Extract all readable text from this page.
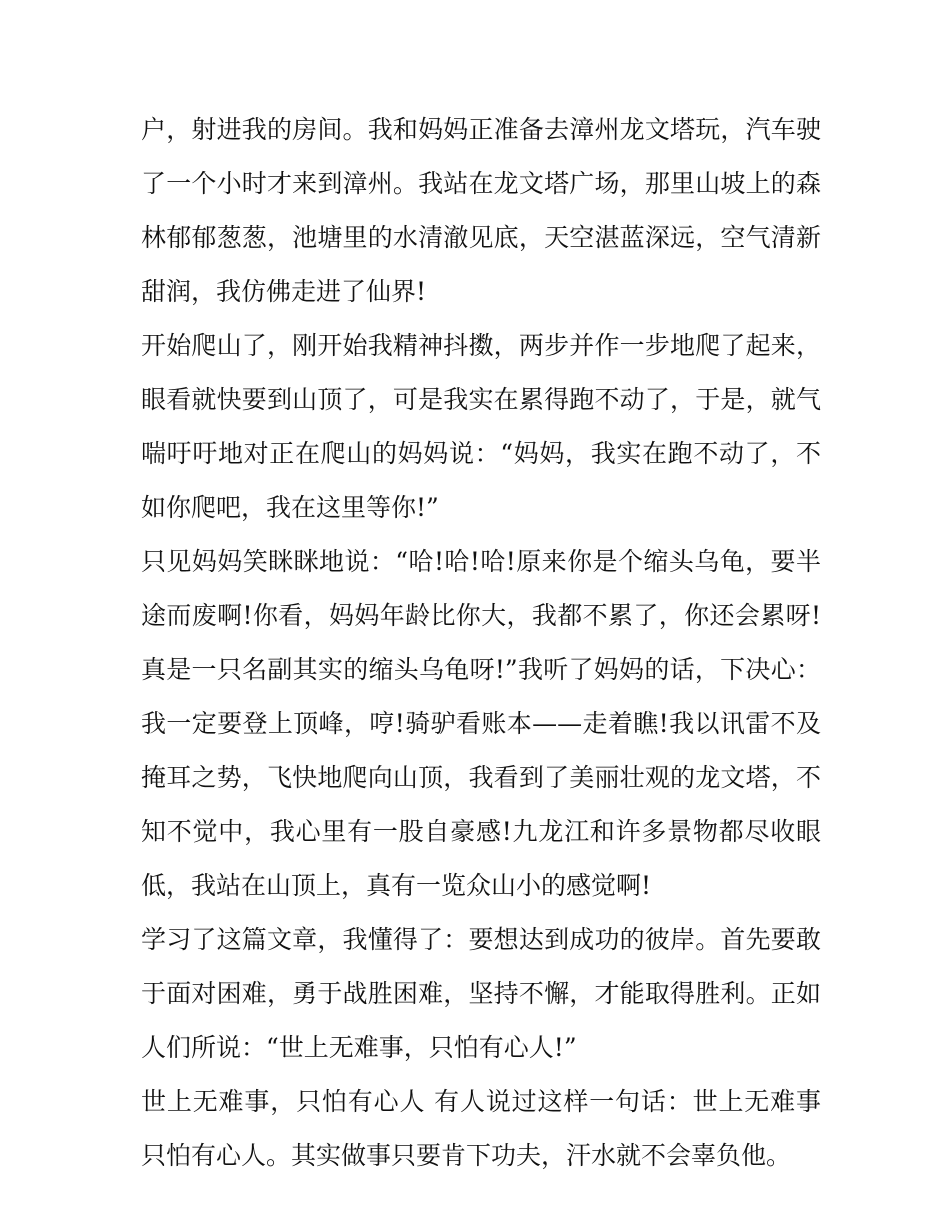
户，射进我的房间。我和妈妈正准备去漳州龙文塔玩，汽车驶
了一个小时才来到漳州。我站在龙文塔广场，那里山坡上的森
林郁郁葱葱，池塘里的水清澈见底，天空湛蓝深远，空气清新
甜润，我仿佛走进了仙界!
开始爬山了，刚开始我精神抖擞，两步并作一步地爬了起来，
眼看就快要到山顶了，可是我实在累得跑不动了，于是，就气
喘吁吁地对正在爬山的妈妈说：“妈妈，我实在跑不动了，不
如你爬吧，我在这里等你!”
只见妈妈笑眯眯地说：“哈!哈!哈!原来你是个缩头乌龟，要半
途而废啊!你看，妈妈年龄比你大，我都不累了，你还会累呀!
真是一只名副其实的缩头乌龟呀!”我听了妈妈的话，下决心：
我一定要登上顶峰，哼!骑驴看账本——走着瞧!我以讯雷不及
掩耳之势，飞快地爬向山顶，我看到了美丽壮观的龙文塔，不
知不觉中，我心里有一股自豪感!九龙江和许多景物都尽收眼
低，我站在山顶上，真有一览众山小的感觉啊!
学习了这篇文章，我懂得了：要想达到成功的彼岸。首先要敢
于面对困难，勇于战胜困难，坚持不懈，才能取得胜利。正如
人们所说：“世上无难事，只怕有心人!”
世上无难事，只怕有心人 有人说过这样一句话：世上无难事
只怕有心人。其实做事只要肯下功夫，汗水就不会辜负他。
